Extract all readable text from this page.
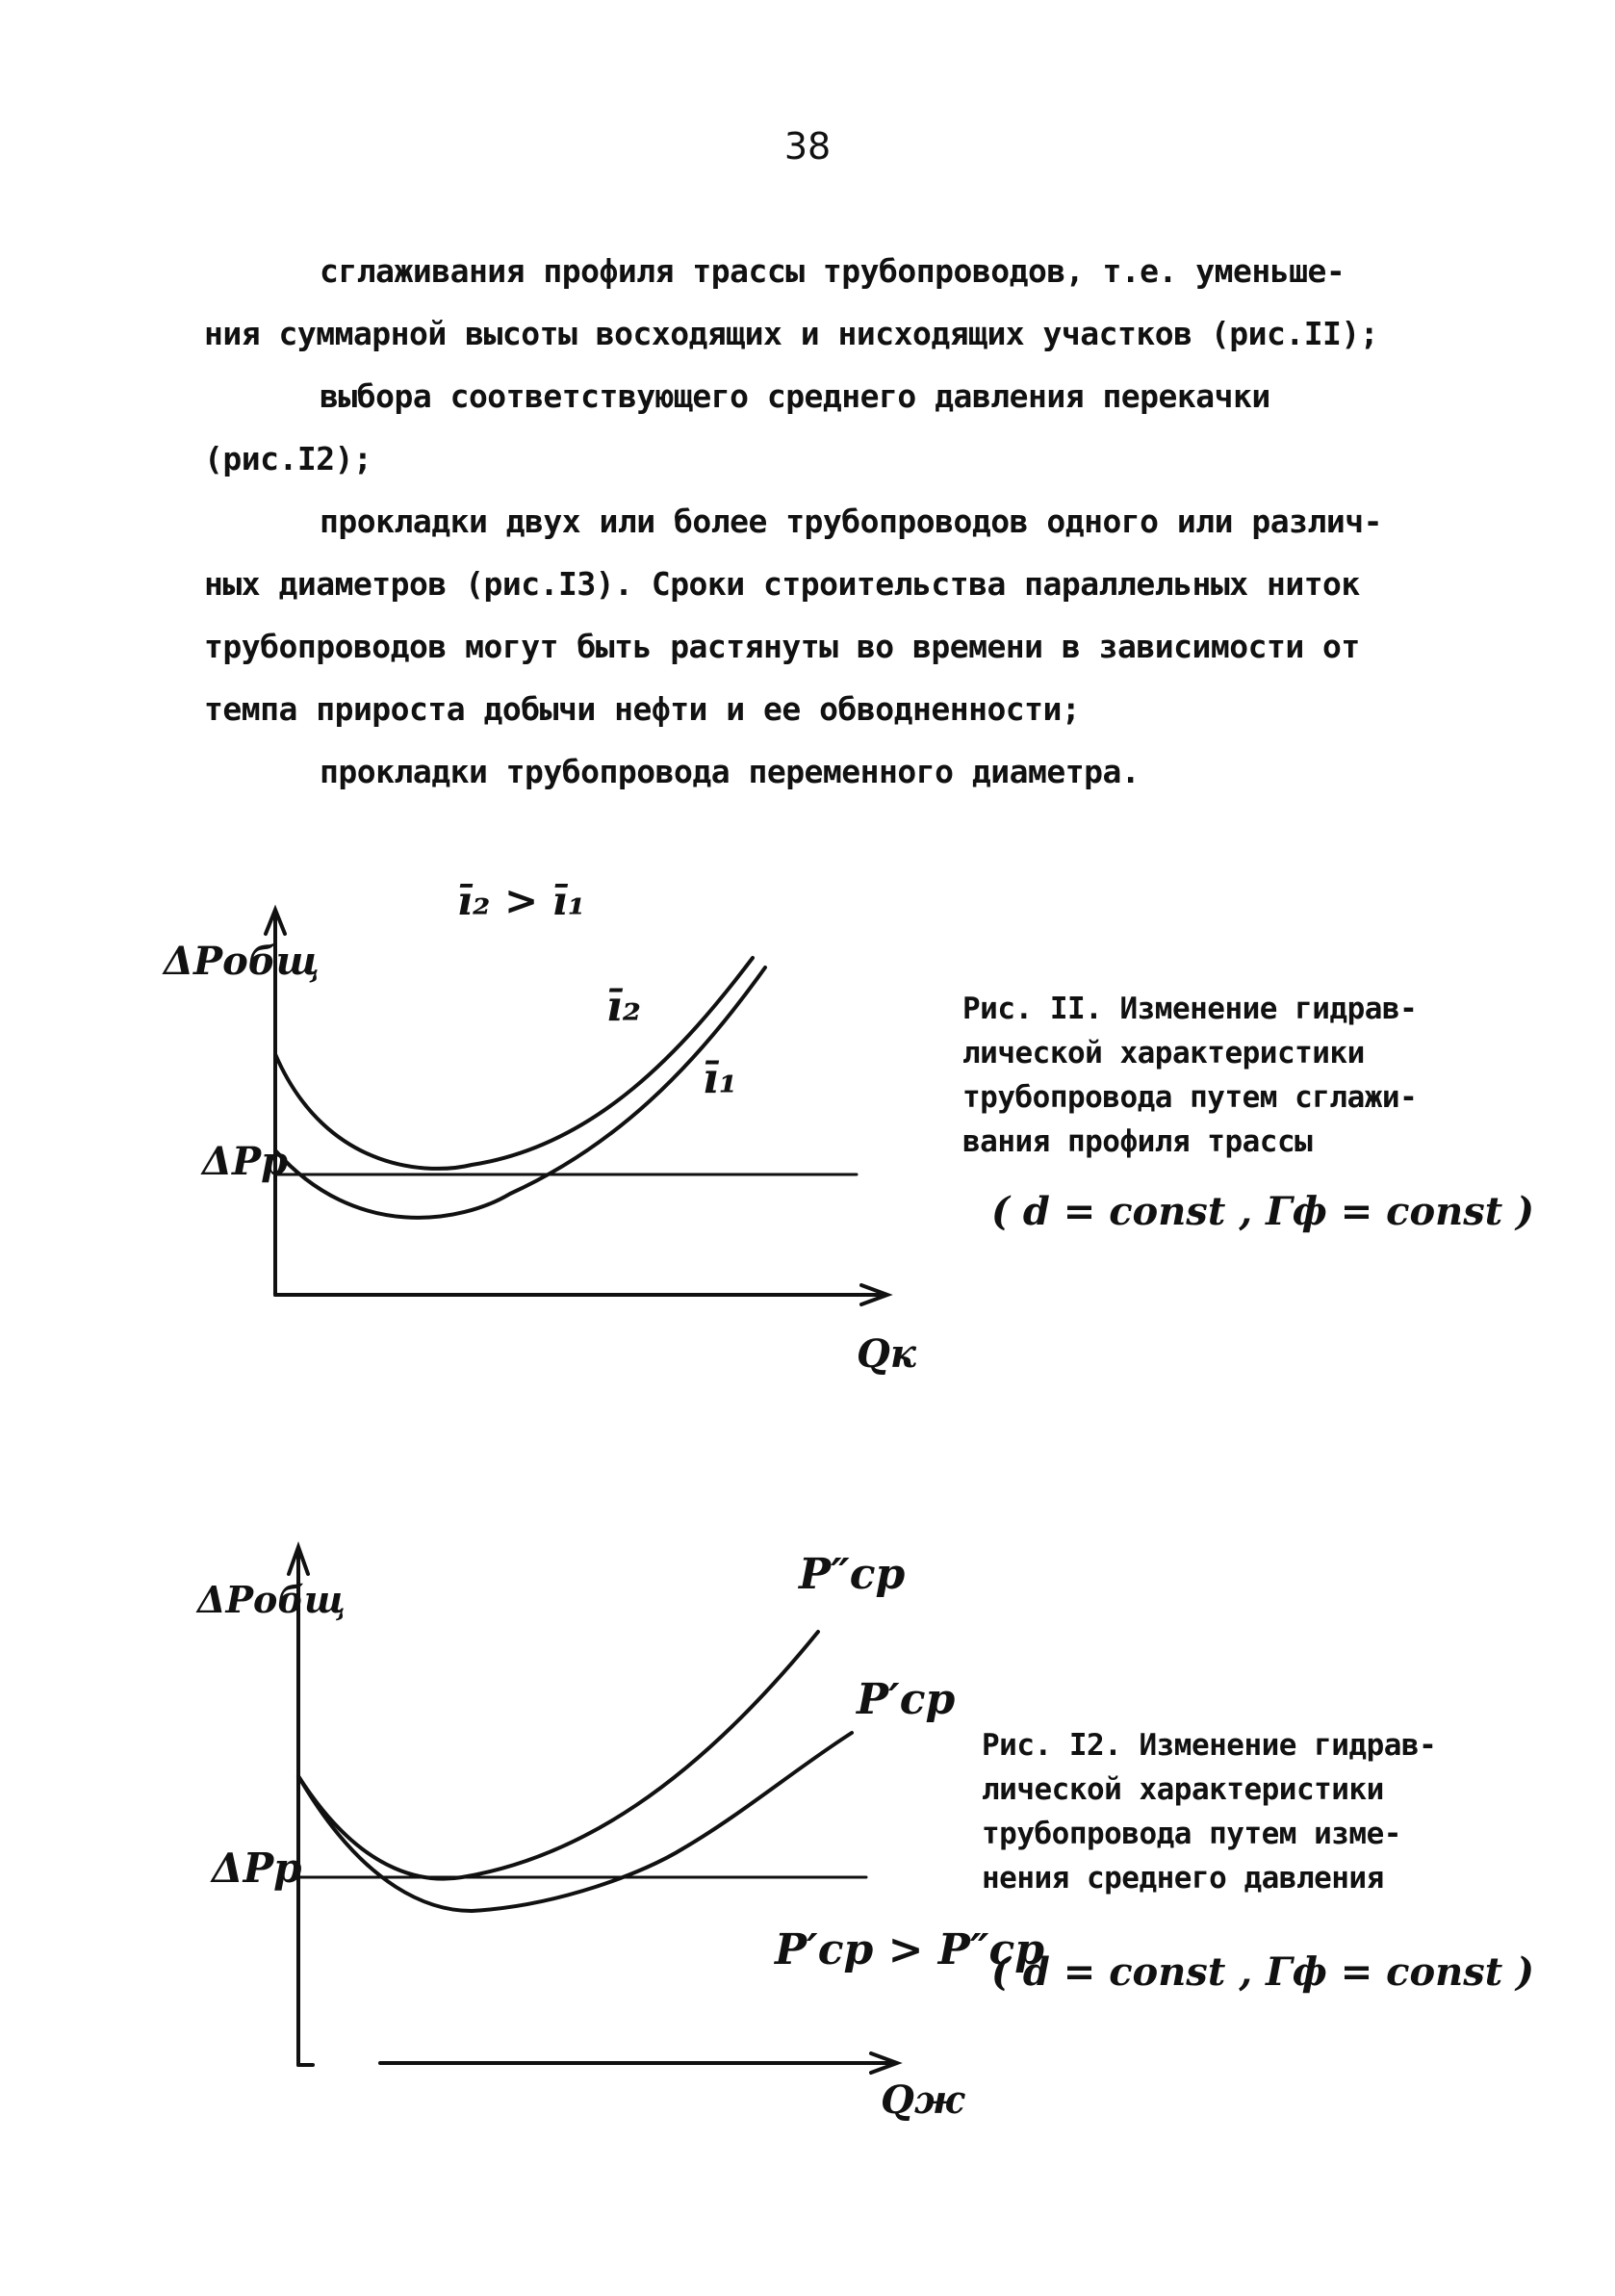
38
сглаживания профиля трассы трубопроводов, т.е. уменьше-
ния суммарной высоты восходящих и нисходящих участков (рис.II);
выбора соответствующего среднего давления перекачки
(рис.I2);
прокладки двух или более трубопроводов одного или различ-
ных диаметров (рис.I3). Сроки строительства параллельных ниток
трубопроводов могут быть растянуты во времени в зависимости от
темпа прироста добычи нефти и ее обводненности;
прокладки трубопровода переменного диаметра.
ΔPобщ
ΔPр
Qк
ī₂ > ī₁
ī₂
ī₁
Рис. II. Изменение гидрав-
лической характеристики
трубопровода путем сглажи-
вания профиля трассы
( d = const , Гф = const )
ΔPобщ
ΔPр
Qж
P″ср
P′ср
P′ср > P″ср
Рис. I2. Изменение гидрав-
лической характеристики
трубопровода путем изме-
нения среднего давления
( d = const , Гф = const )
